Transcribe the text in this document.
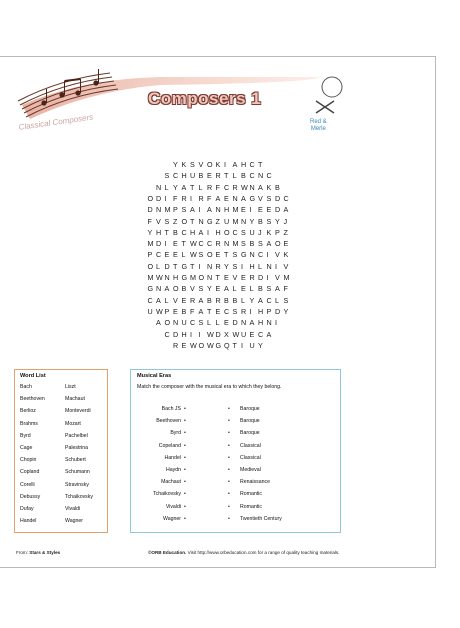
Composers 1
Classical Composers	Red &
Merle
Y K S V O K I A H C T
S C H U B E R T L B C N C
N L Y A T L R F C R W N A K B
O D I F R I R F A E N A G V S D C
D N M P S A I A N H M E I E E D A
F V S Z O T N G Z U M N Y B S Y J
Y H T B C H A I H O C S U J K P Z
M D I E T W C C R N M S B S A O E
P C E E L W S O E T S G N C I V K
O L D T G T I N R Y S I H L N I V
M W N H G M O N T E V E R D I V M
G N A O B V S Y E A L E L B S A F
C A L V E R A B R B B L Y A C L S
U W P E B F A T E C S R I H P D Y
A O N U C S L L E D N A H N I
C D H I I W D X W U E C A
R E W O W G Q T I U Y
Word List
Bach	Liszt
Beethoven	Machaut
Berlioz	Monteverdi
Brahms	Mozart
Byrd	Pachelbel
Cage	Palestrina
Chopin	Schubert
Copland	Schumann
Corelli	Stravinsky
Debussy	Tchaikovsky
Dufay	Vivaldi
Handel	Wagner
Musical Eras
Match the composer with the musical era to which they belong.
Bach JS •	• Baroque
Beethoven •	• Baroque
Byrd •	• Baroque
Copeland •	• Classical
Handel •	• Classical
Haydn •	• Medieval
Machaut •	• Renaissance
Tchaikovsky •	• Romantic
Vivaldi •	• Romantic
Wagner •	• Twentieth Century
From: Stars & Styles	©ORB Education. Visit http://www.orbeducation.com for a range of quality teaching materials.
